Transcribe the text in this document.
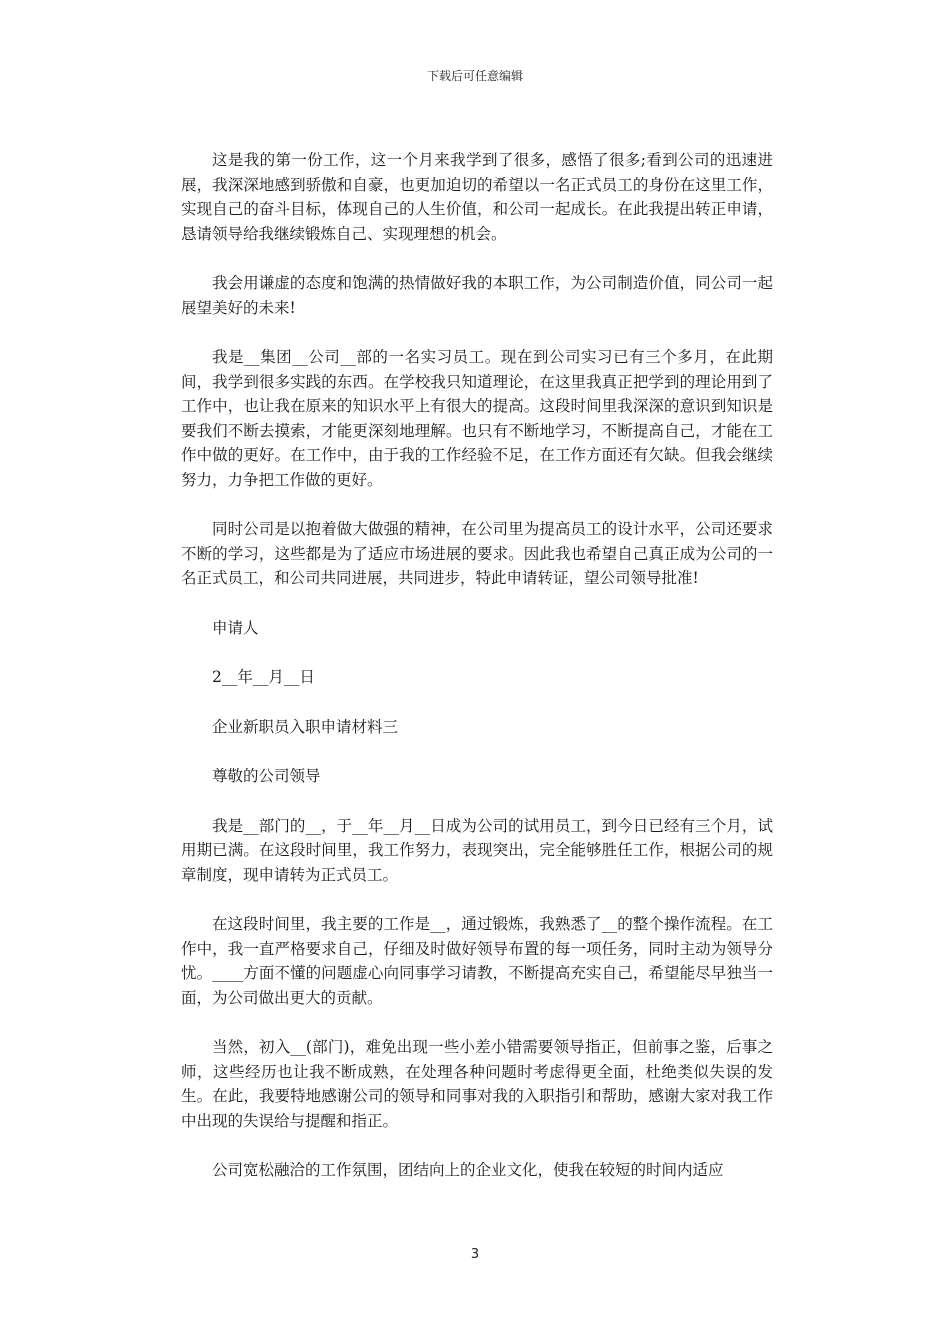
下载后可任意编辑

这是我的第一份工作，这一个月来我学到了很多，感悟了很多;看到公司的迅速进展，我深深地感到骄傲和自豪，也更加迫切的希望以一名正式员工的身份在这里工作，实现自己的奋斗目标，体现自己的人生价值，和公司一起成长。在此我提出转正申请，恳请领导给我继续锻炼自己、实现理想的机会。

我会用谦虚的态度和饱满的热情做好我的本职工作，为公司制造价值，同公司一起展望美好的未来!

我是__集团__公司__部的一名实习员工。现在到公司实习已有三个多月，在此期间，我学到很多实践的东西。在学校我只知道理论，在这里我真正把学到的理论用到了工作中，也让我在原来的知识水平上有很大的提高。这段时间里我深深的意识到知识是要我们不断去摸索，才能更深刻地理解。也只有不断地学习，不断提高自己，才能在工作中做的更好。在工作中，由于我的工作经验不足，在工作方面还有欠缺。但我会继续努力，力争把工作做的更好。

同时公司是以抱着做大做强的精神，在公司里为提高员工的设计水平，公司还要求不断的学习，这些都是为了适应市场进展的要求。因此我也希望自己真正成为公司的一名正式员工，和公司共同进展，共同进步，特此申请转证，望公司领导批准!

申请人

2__年__月__日

企业新职员入职申请材料三

尊敬的公司领导

我是__部门的__，于__年__月__日成为公司的试用员工，到今日已经有三个月，试用期已满。在这段时间里，我工作努力，表现突出，完全能够胜任工作，根据公司的规章制度，现申请转为正式员工。

在这段时间里，我主要的工作是__，通过锻炼，我熟悉了__的整个操作流程。在工作中，我一直严格要求自己，仔细及时做好领导布置的每一项任务，同时主动为领导分忧。____方面不懂的问题虚心向同事学习请教，不断提高充实自己，希望能尽早独当一面，为公司做出更大的贡献。

当然，初入__(部门)，难免出现一些小差小错需要领导指正，但前事之鉴，后事之师，这些经历也让我不断成熟，在处理各种问题时考虑得更全面，杜绝类似失误的发生。在此，我要特地感谢公司的领导和同事对我的入职指引和帮助，感谢大家对我工作中出现的失误给与提醒和指正。

公司宽松融洽的工作氛围，团结向上的企业文化，使我在较短的时间内适应

3
